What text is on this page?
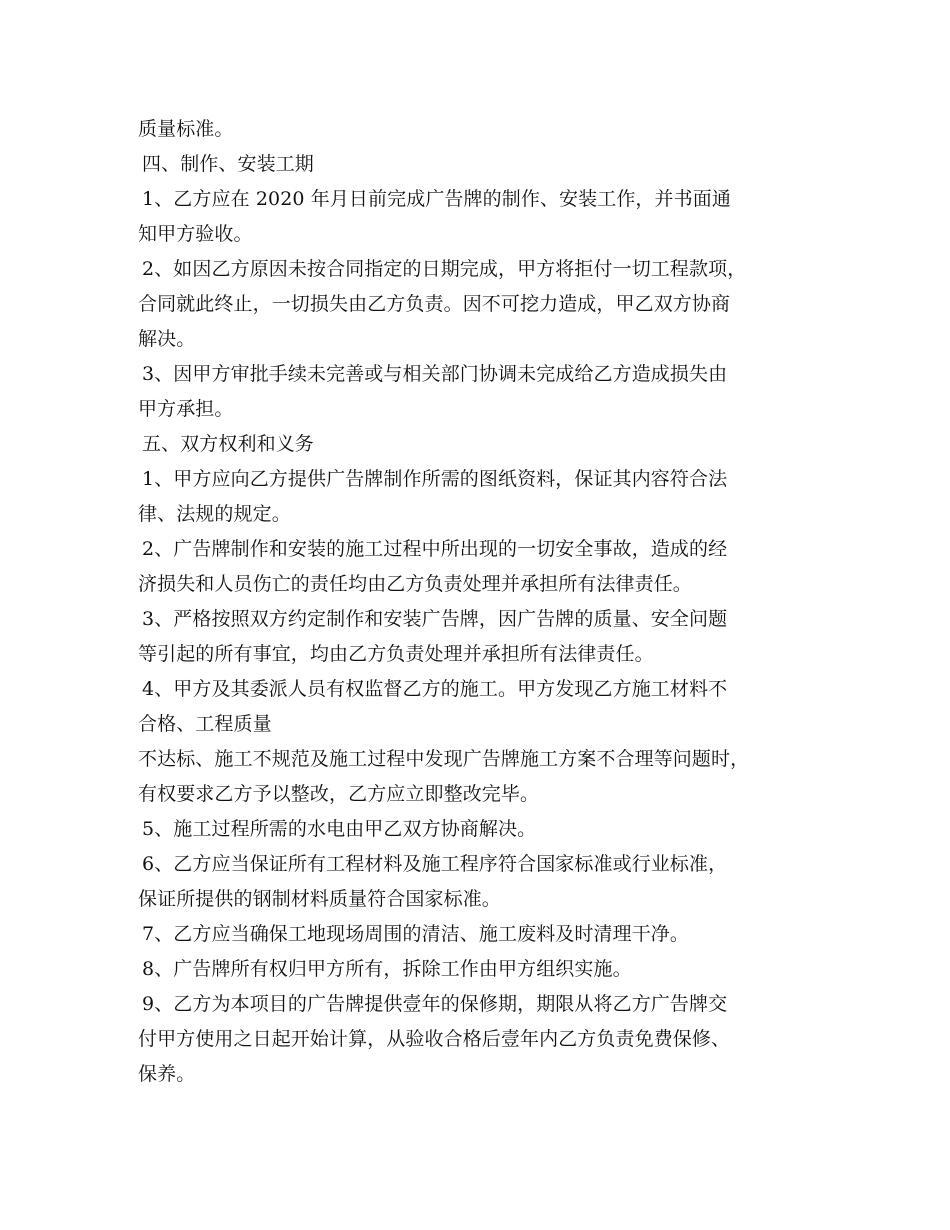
质量标准。
四、制作、安装工期
1、乙方应在 2020 年月日前完成广告牌的制作、安装工作，并书面通
知甲方验收。
2、如因乙方原因未按合同指定的日期完成，甲方将拒付一切工程款项，
合同就此终止，一切损失由乙方负责。因不可挖力造成，甲乙双方协商
解决。
3、因甲方审批手续未完善或与相关部门协调未完成给乙方造成损失由
甲方承担。
五、双方权利和义务
1、甲方应向乙方提供广告牌制作所需的图纸资料，保证其内容符合法
律、法规的规定。
2、广告牌制作和安装的施工过程中所出现的一切安全事故，造成的经
济损失和人员伤亡的责任均由乙方负责处理并承担所有法律责任。
3、严格按照双方约定制作和安装广告牌，因广告牌的质量、安全问题
等引起的所有事宜，均由乙方负责处理并承担所有法律责任。
4、甲方及其委派人员有权监督乙方的施工。甲方发现乙方施工材料不
合格、工程质量
不达标、施工不规范及施工过程中发现广告牌施工方案不合理等问题时，
有权要求乙方予以整改，乙方应立即整改完毕。
5、施工过程所需的水电由甲乙双方协商解决。
6、乙方应当保证所有工程材料及施工程序符合国家标准或行业标准，
保证所提供的钢制材料质量符合国家标准。
7、乙方应当确保工地现场周围的清洁、施工废料及时清理干净。
8、广告牌所有权归甲方所有，拆除工作由甲方组织实施。
9、乙方为本项目的广告牌提供壹年的保修期，期限从将乙方广告牌交
付甲方使用之日起开始计算，从验收合格后壹年内乙方负责免费保修、
保养。
